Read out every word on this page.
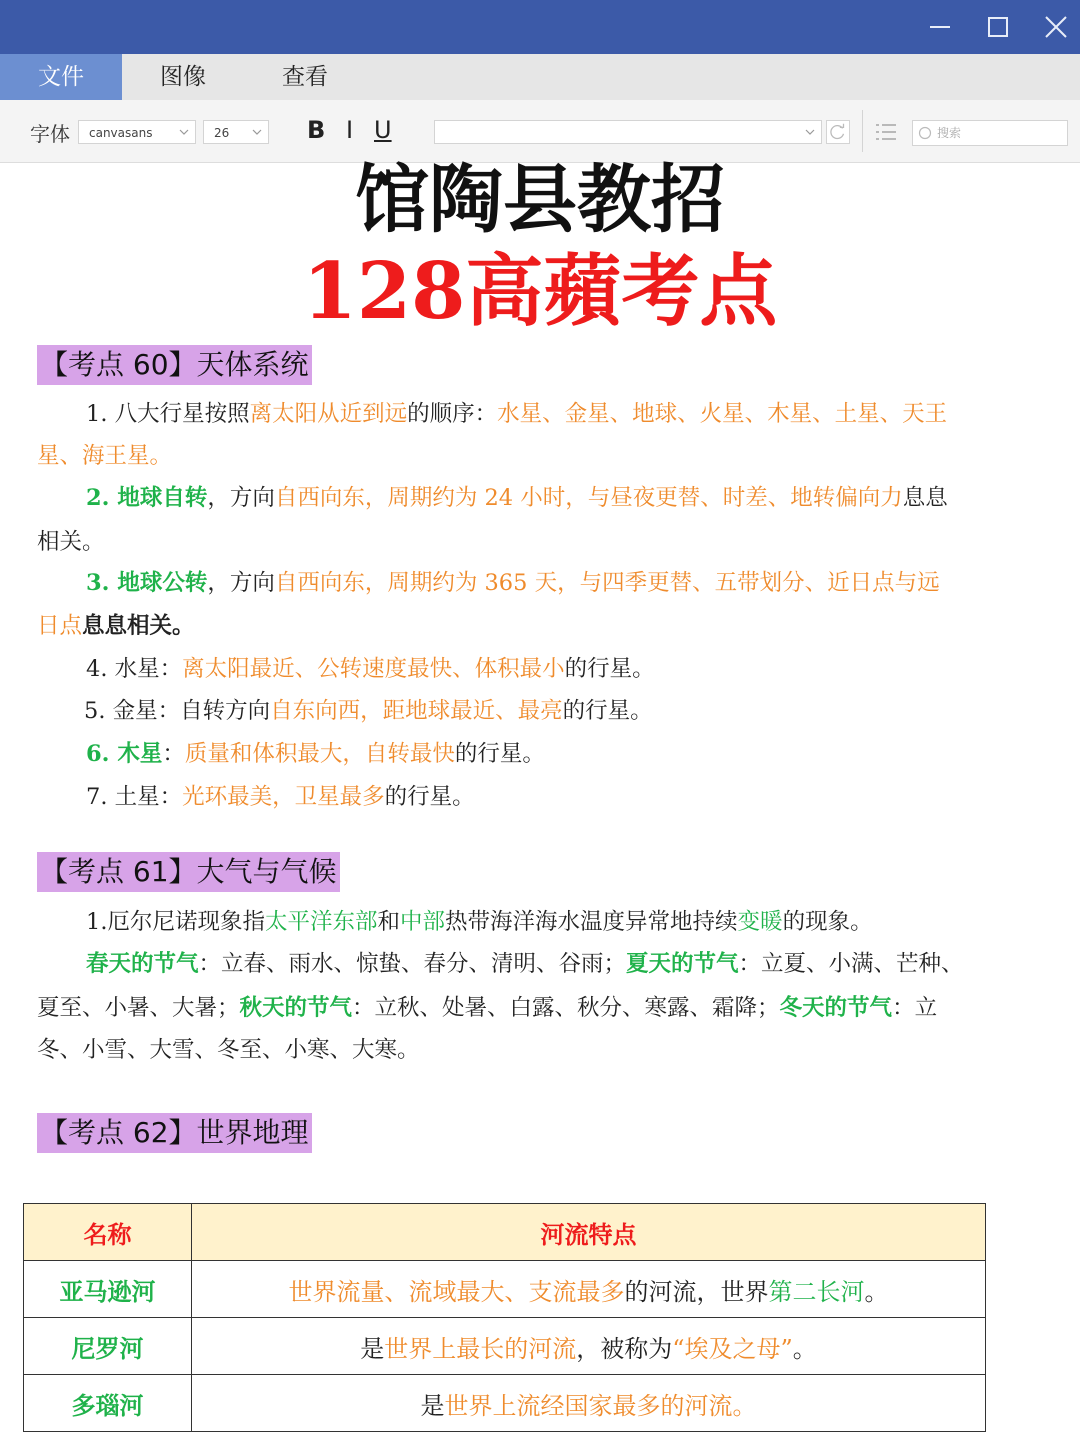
文件	图像	查看
字体	canvasans	26	B I U	搜索
馆陶县教招
128高蘋考点
【考点 60】天体系统
1. 八大行星按照离太阳从近到远的顺序：水星、金星、地球、火星、木星、土星、天王
星、海王星。
2. 地球自转，方向自西向东，周期约为 24 小时，与昼夜更替、时差、地转偏向力息息
相关。
3. 地球公转，方向自西向东，周期约为 365 天，与四季更替、五带划分、近日点与远
日点息息相关。
4. 水星：离太阳最近、公转速度最快、体积最小的行星。
5. 金星：自转方向自东向西，距地球最近、最亮的行星。
6. 木星：质量和体积最大，自转最快的行星。
7. 土星：光环最美，卫星最多的行星。
【考点 61】大气与气候
1.厄尔尼诺现象指太平洋东部和中部热带海洋海水温度异常地持续变暖的现象。
春天的节气：立春、雨水、惊蛰、春分、清明、谷雨；夏天的节气：立夏、小满、芒种、
夏至、小暑、大暑；秋天的节气：立秋、处暑、白露、秋分、寒露、霜降；冬天的节气：立
冬、小雪、大雪、冬至、小寒、大寒。
【考点 62】世界地理
名称	河流特点
亚马逊河	世界流量、流域最大、支流最多的河流，世界第二长河。
尼罗河	是世界上最长的河流，被称为“埃及之母”。
多瑙河	是世界上流经国家最多的河流。
